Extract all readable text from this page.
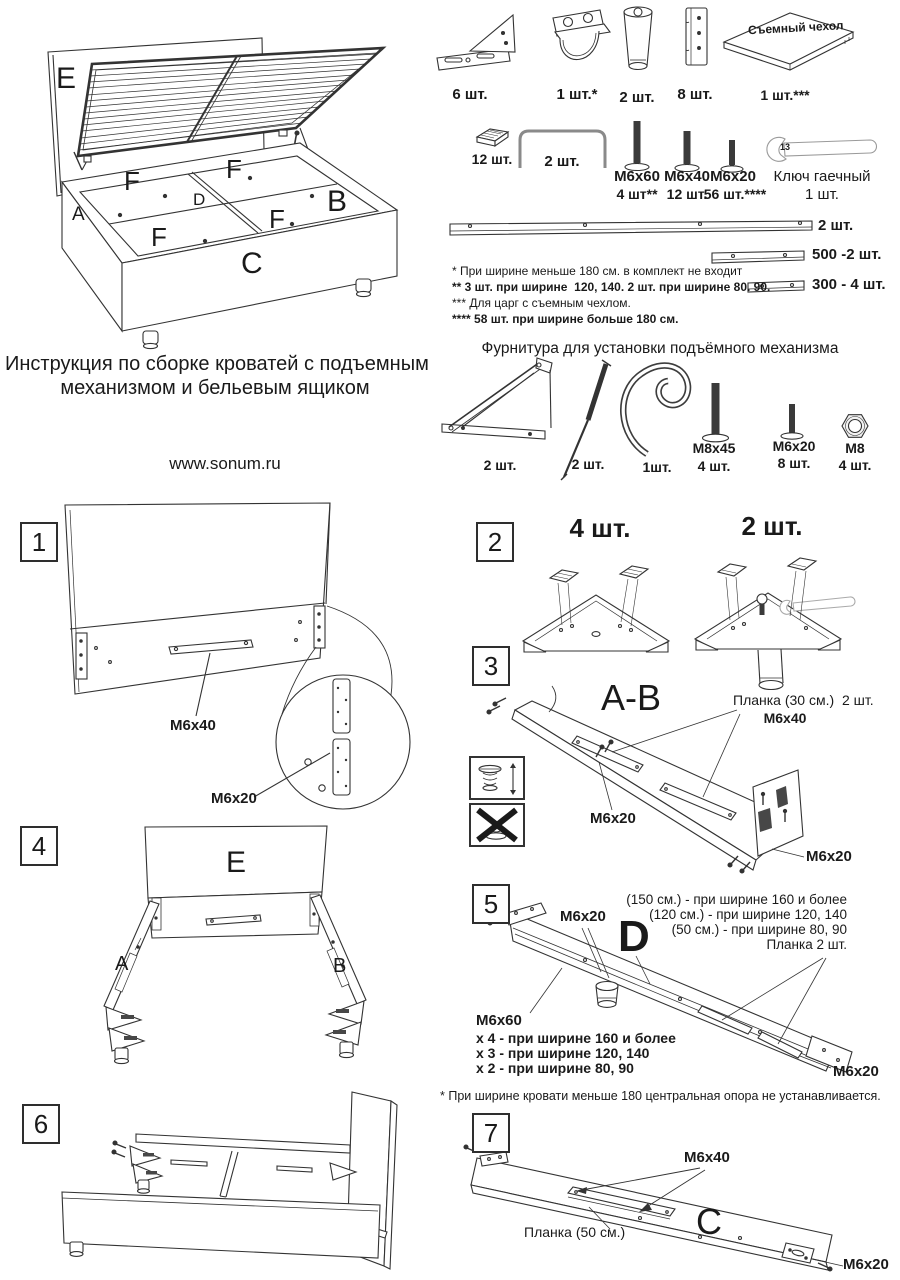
E
F	F
A
D	B
F
F
C
6 шт.	1 шт.*	2 шт.	8 шт.
Съемный чехол
1 шт.***
12 шт.	2 шт.
М6х60
4 шт**
М6х40
12 шт.
М6х20
56 шт.****
Ключ гаечный
1 шт.
13
2 шт.
500 -2 шт.
300 - 4 шт.
* При ширине меньше 180 см. в комплект не входит
** 3 шт. при ширине  120, 140. 2 шт. при ширине 80. 90.
*** Для царг с съемным чехлом.
**** 58 шт. при ширине больше 180 см.
Инструкция по сборке кроватей с подъемным
механизмом и бельевым ящиком
www.sonum.ru
Фурнитура для установки подъёмного механизма
2 шт.	2 шт.	1шт.
М8х45
4 шт.
М6х20
8 шт.
М8
4 шт.
1	2
3
4
5
6	7
М6х40
М6х20
4 шт.	2 шт.
A-B	Планка (30 см.)  2 шт.
М6х40
М6х20
М6х20
E
A	B
М6х20 D
(150 см.) - при ширине 160 и более
(120 см.) - при ширине 120, 140
(50 см.) - при ширине 80, 90
Планка 2 шт.
М6х60
x 4 - при ширине 160 и более
x 3 - при ширине 120, 140
x 2 - при ширине 80, 90	М6х20
* При ширине кровати меньше 180 центральная опора не устанавливается.
М6х40
Планка (50 см.) C
М6х20
